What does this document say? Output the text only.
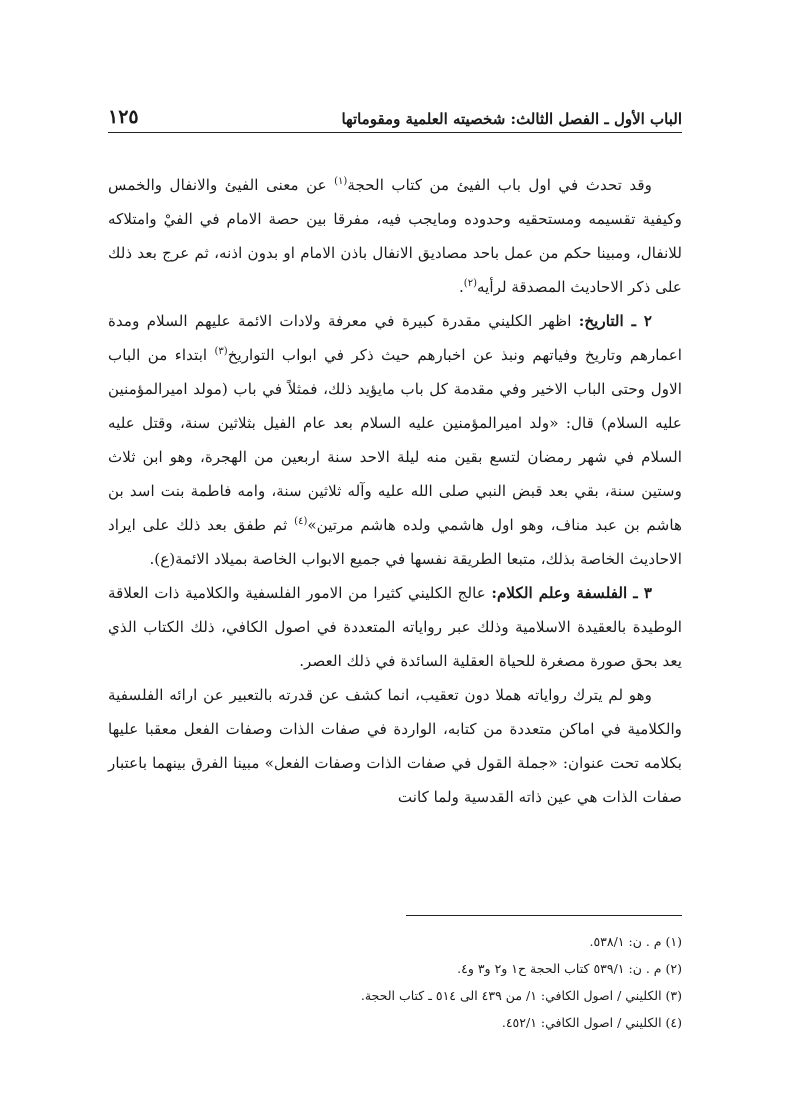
الباب الأول ـ الفصل الثالث: شخصيته العلمية ومقوماتها
١٢٥

وقد تحدث في اول باب الفيئ من كتاب الحجة$^{(١)}$ عن معنى الفيئ والانفال والخمس وكيفية تقسيمه ومستحقيه وحدوده ومايجب فيه، مفرقا بين حصة الامام في الفيْ وامتلاكه للانفال، ومبينا حكم من عمل باحد مصاديق الانفال باذن الامام او بدون اذنه، ثم عرج بعد ذلك على ذكر الاحاديث المصدقة لرأيه$^{(٢)}$.

٢ ـ التاريخ: اظهر الكليني مقدرة كبيرة في معرفة ولادات الائمة عليهم السلام ومدة اعمارهم وتاريخ وفياتهم ونبذ عن اخبارهم حيث ذكر في ابواب التواريخ$^{(٣)}$ ابتداء من الباب الاول وحتى الباب الاخير وفي مقدمة كل باب مايؤيد ذلك، فمثلاً في باب (مولد اميرالمؤمنين عليه السلام) قال: «ولد اميرالمؤمنين عليه السلام بعد عام الفيل بثلاثين سنة، وقتل عليه السلام في شهر رمضان لتسع بقين منه ليلة الاحد سنة اربعين من الهجرة، وهو ابن ثلاث وستين سنة، بقي بعد قبض النبي صلى الله عليه وآله ثلاثين سنة، وامه فاطمة بنت اسد بن هاشم بن عبد مناف، وهو اول هاشمي ولده هاشم مرتين»$^{(٤)}$ ثم طفق بعد ذلك على ايراد الاحاديث الخاصة بذلك، متبعا الطريقة نفسها في جميع الابواب الخاصة بميلاد الائمة(ع).

٣ ـ الفلسفة وعلم الكلام: عالج الكليني كثيرا من الامور الفلسفية والكلامية ذات العلاقة الوطيدة بالعقيدة الاسلامية وذلك عبر رواياته المتعددة في اصول الكافي، ذلك الكتاب الذي يعد بحق صورة مصغرة للحياة العقلية السائدة في ذلك العصر.

وهو لم يترك رواياته هملا دون تعقيب، انما كشف عن قدرته بالتعبير عن ارائه الفلسفية والكلامية في اماكن متعددة من كتابه، الواردة في صفات الذات وصفات الفعل معقبا عليها بكلامه تحت عنوان: «جملة القول في صفات الذات وصفات الفعل» مبينا الفرق بينهما باعتبار صفات الذات هي عين ذاته القدسية ولما كانت

(١) م . ن: ٥٣٨/١.

(٢) م . ن: ٥٣٩/١ كتاب الحجة ح١ و٢ و٣ و٤.

(٣) الكليني / اصول الكافي: ١/ من ٤٣٩ الى ٥١٤ ـ كتاب الحجة.

(٤) الكليني / اصول الكافي: ٤٥٢/١.
